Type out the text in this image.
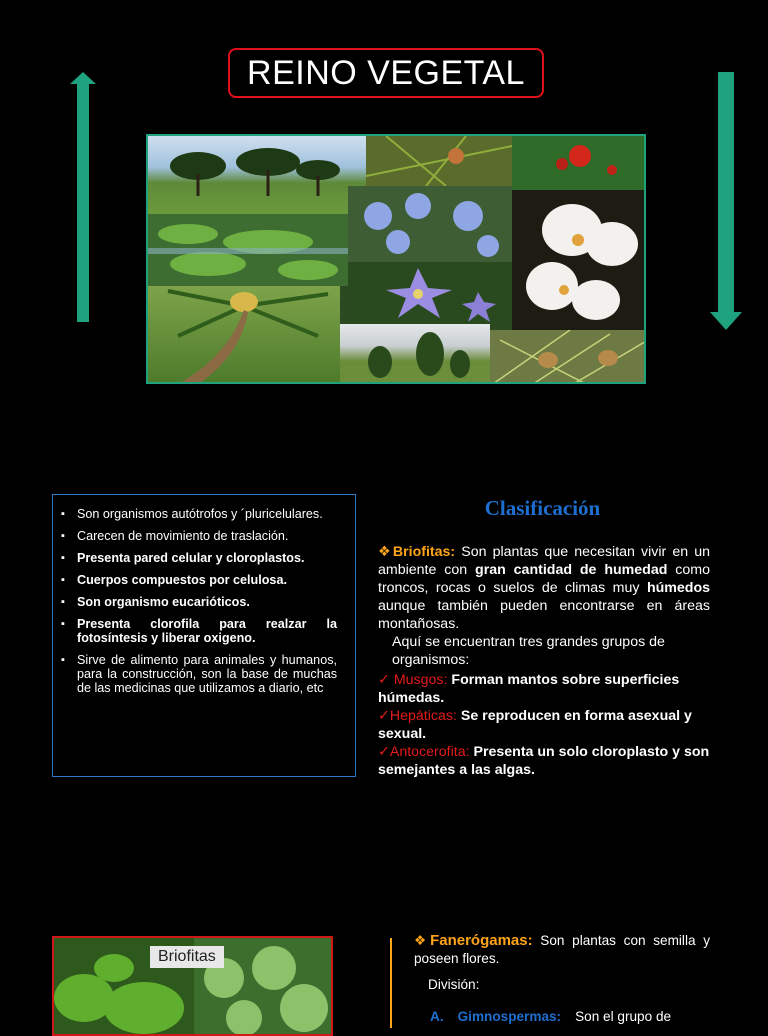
REINO VEGETAL
▪ Son organismos autótrofos y ´pluricelulares.
▪ Carecen de movimiento de traslación.
▪ Presenta pared celular y cloroplastos.
▪ Cuerpos compuestos por celulosa.
▪ Son organismo eucarióticos.
▪ Presenta clorofila para realzar la fotosíntesis y liberar oxigeno.
▪ Sirve de alimento para animales y humanos, para la construcción, son la base de muchas de las medicinas que utilizamos a diario, etc
Clasificación
❖Briofitas: Son plantas que necesitan vivir en un ambiente con gran cantidad de humedad como troncos, rocas o suelos de climas muy húmedos aunque también pueden encontrarse en áreas montañosas.
Aquí se encuentran tres grandes grupos de organismos:
✓ Musgos: Forman mantos sobre superficies húmedas.
✓Hepáticas: Se reproducen en forma asexual y sexual.
✓Antocerofita: Presenta un solo cloroplasto y son semejantes a las algas.
Briofitas
❖Fanerógamas: Son plantas con semilla y poseen flores.
División:
A. Gimnospermas: Son el grupo de
